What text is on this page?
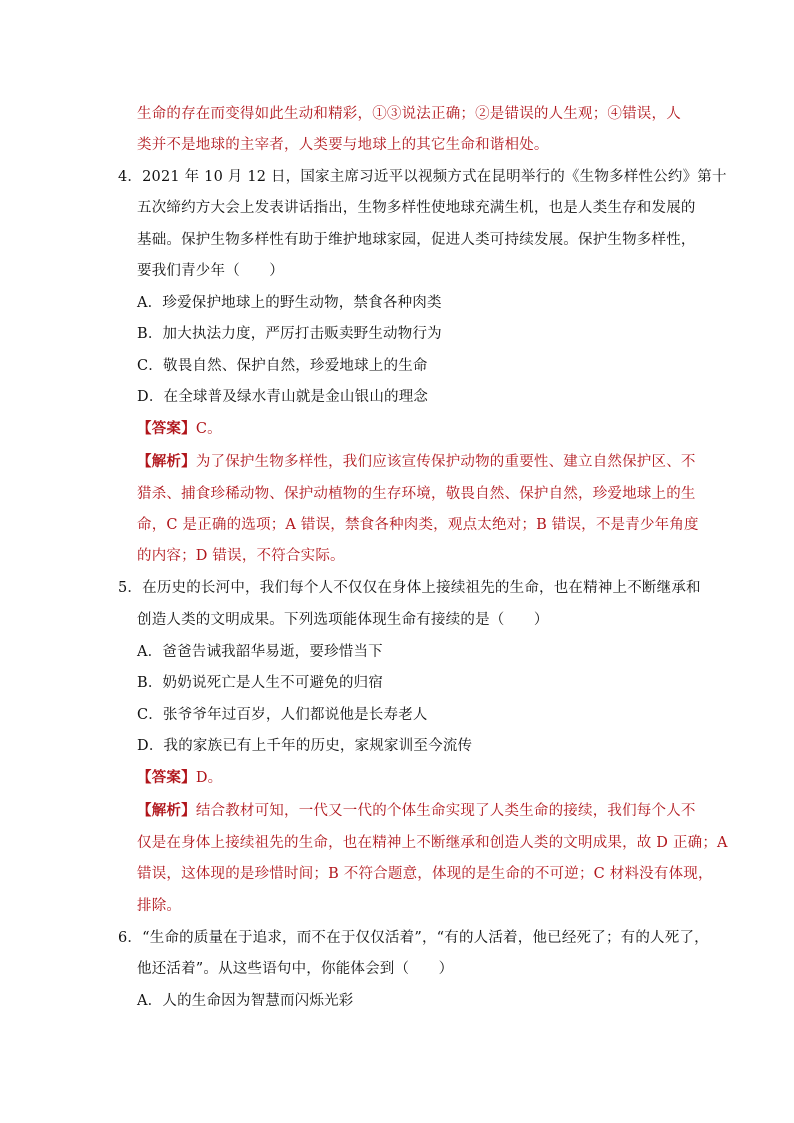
生命的存在而变得如此生动和精彩，①③说法正确；②是错误的人生观；④错误，人
类并不是地球的主宰者，人类要与地球上的其它生命和谐相处。
4．2021 年 10 月 12 日，国家主席习近平以视频方式在昆明举行的《生物多样性公约》第十
五次缔约方大会上发表讲话指出，生物多样性使地球充满生机，也是人类生存和发展的
基础。保护生物多样性有助于维护地球家园，促进人类可持续发展。保护生物多样性，
要我们青少年（　　）
A．珍爱保护地球上的野生动物，禁食各种肉类
B．加大执法力度，严厉打击贩卖野生动物行为
C．敬畏自然、保护自然，珍爱地球上的生命
D．在全球普及绿水青山就是金山银山的理念
【答案】C。
【解析】为了保护生物多样性，我们应该宣传保护动物的重要性、建立自然保护区、不
猎杀、捕食珍稀动物、保护动植物的生存环境，敬畏自然、保护自然，珍爱地球上的生
命，C 是正确的选项；A 错误，禁食各种肉类，观点太绝对；B 错误，不是青少年角度
的内容；D 错误，不符合实际。
5．在历史的长河中，我们每个人不仅仅在身体上接续祖先的生命，也在精神上不断继承和
创造人类的文明成果。下列选项能体现生命有接续的是（　　）
A．爸爸告诫我韶华易逝，要珍惜当下
B．奶奶说死亡是人生不可避免的归宿
C．张爷爷年过百岁，人们都说他是长寿老人
D．我的家族已有上千年的历史，家规家训至今流传
【答案】D。
【解析】结合教材可知，一代又一代的个体生命实现了人类生命的接续，我们每个人不
仅是在身体上接续祖先的生命，也在精神上不断继承和创造人类的文明成果，故 D 正确；A
错误，这体现的是珍惜时间；B 不符合题意，体现的是生命的不可逆；C 材料没有体现，
排除。
6．“生命的质量在于追求，而不在于仅仅活着”，“有的人活着，他已经死了；有的人死了，
他还活着”。从这些语句中，你能体会到（　　）
A．人的生命因为智慧而闪烁光彩
